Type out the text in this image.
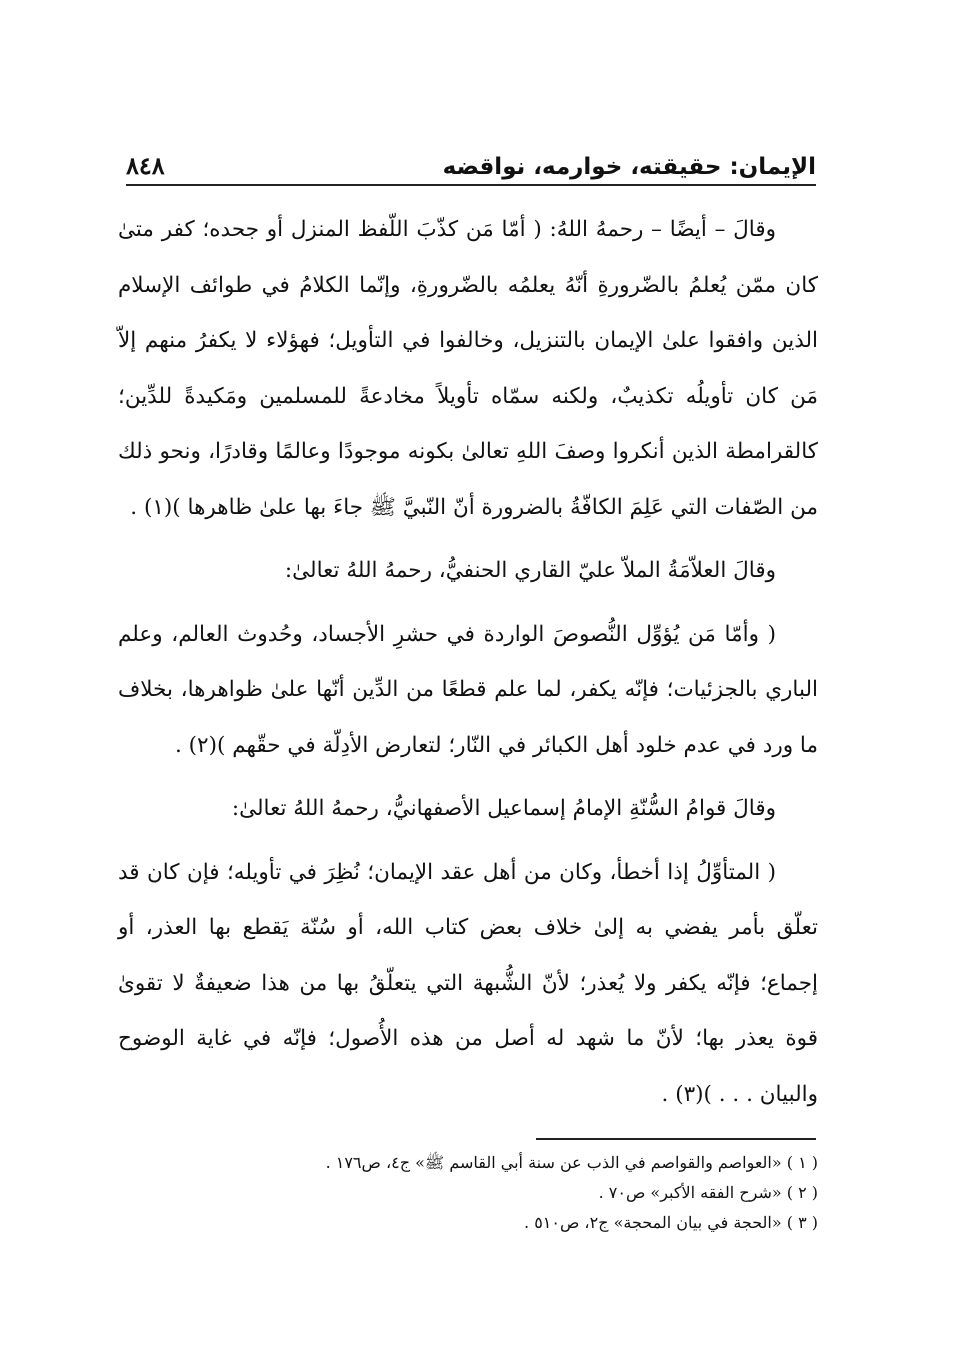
الإيمان: حقيقته، خوارمه، نواقضه
٨٤٨

وقالَ – أيضًا – رحمهُ اللهُ: ( أمّا مَن كذّبَ اللّفظ المنزل أو جحده؛ كفر متىٰ كان ممّن يُعلمُ بالضّرورةِ أنّهُ يعلمُه بالضّرورةِ، وإنّما الكلامُ في طوائف الإسلام الذين وافقوا علىٰ الإيمان بالتنزيل، وخالفوا في التأويل؛ فهؤلاء لا يكفرُ منهم إلاّ مَن كان تأويلُه تكذيبٌ، ولكنه سمّاه تأويلاً مخادعةً للمسلمين ومَكيدةً للدِّين؛ كالقرامطة الذين أنكروا وصفَ اللهِ تعالىٰ بكونه موجودًا وعالمًا وقادرًا، ونحو ذلك من الصّفات التي عَلِمَ الكافّةُ بالضرورة أنّ النّبيَّ ﷺ جاءَ بها علىٰ ظاهرها )(١) .

وقالَ العلاّمَةُ الملاّ عليّ القاري الحنفيُّ، رحمهُ اللهُ تعالىٰ:

( وأمّا مَن يُؤوِّل النُّصوصَ الواردة في حشرِ الأجساد، وحُدوث العالم، وعلم الباري بالجزئيات؛ فإنّه يكفر، لما علم قطعًا من الدِّين أنّها علىٰ ظواهرها، بخلاف ما ورد في عدم خلود أهل الكبائر في النّار؛ لتعارض الأدِلّة في حقّهم )(٢) .

وقالَ قوامُ السُّنّةِ الإمامُ إسماعيل الأصفهانيُّ، رحمهُ اللهُ تعالىٰ:

( المتأوِّلُ إذا أخطأ، وكان من أهل عقد الإيمان؛ نُظِرَ في تأويله؛ فإن كان قد تعلّق بأمر يفضي به إلىٰ خلاف بعض كتاب الله، أو سُنّة يَقطع بها العذر، أو إجماع؛ فإنّه يكفر ولا يُعذر؛ لأنّ الشُّبهة التي يتعلّقُ بها من هذا ضعيفةٌ لا تقوىٰ قوة يعذر بها؛ لأنّ ما شهد له أصل من هذه الأُصول؛ فإنّه في غاية الوضوح والبيان . . . )(٣) .

( ١ ) «العواصم والقواصم في الذب عن سنة أبي القاسم ﷺ» ج٤، ص١٧٦ .

( ٢ ) «شرح الفقه الأكبر» ص٧٠ .

( ٣ ) «الحجة في بيان المحجة» ج٢، ص٥١٠ .
